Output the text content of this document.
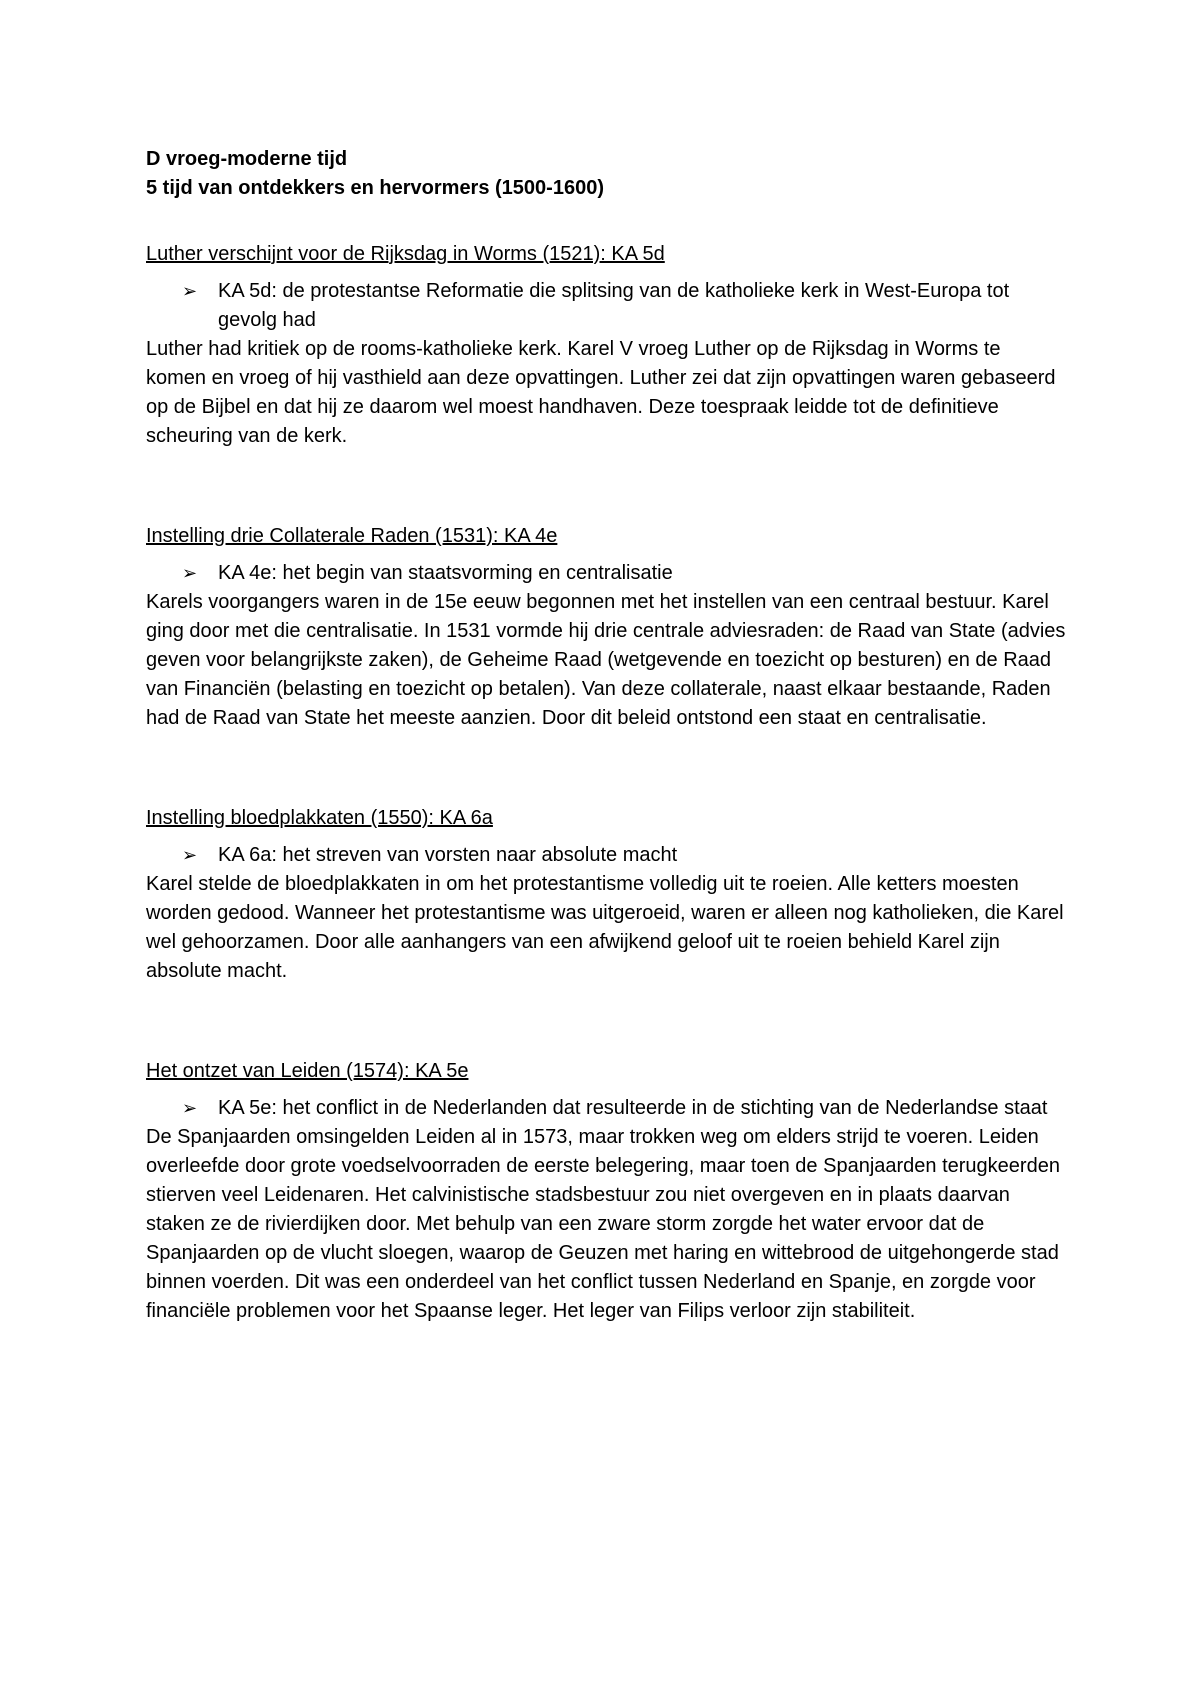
D vroeg-moderne tijd

5 tijd van ontdekkers en hervormers (1500-1600)

Luther verschijnt voor de Rijksdag in Worms (1521): KA 5d

➢ KA 5d: de protestantse Reformatie die splitsing van de katholieke kerk in West-Europa tot gevolg had

Luther had kritiek op de rooms-katholieke kerk. Karel V vroeg Luther op de Rijksdag in Worms te komen en vroeg of hij vasthield aan deze opvattingen. Luther zei dat zijn opvattingen waren gebaseerd op de Bijbel en dat hij ze daarom wel moest handhaven. Deze toespraak leidde tot de definitieve scheuring van de kerk.

Instelling drie Collaterale Raden (1531): KA 4e

➢ KA 4e: het begin van staatsvorming en centralisatie

Karels voorgangers waren in de 15e eeuw begonnen met het instellen van een centraal bestuur. Karel ging door met die centralisatie. In 1531 vormde hij drie centrale adviesraden: de Raad van State (advies geven voor belangrijkste zaken), de Geheime Raad (wetgevende en toezicht op besturen) en de Raad van Financiën (belasting en toezicht op betalen). Van deze collaterale, naast elkaar bestaande, Raden had de Raad van State het meeste aanzien. Door dit beleid ontstond een staat en centralisatie.

Instelling bloedplakkaten (1550): KA 6a

➢ KA 6a: het streven van vorsten naar absolute macht

Karel stelde de bloedplakkaten in om het protestantisme volledig uit te roeien. Alle ketters moesten worden gedood. Wanneer het protestantisme was uitgeroeid, waren er alleen nog katholieken, die Karel wel gehoorzamen. Door alle aanhangers van een afwijkend geloof uit te roeien behield Karel zijn absolute macht.

Het ontzet van Leiden (1574): KA 5e

➢ KA 5e: het conflict in de Nederlanden dat resulteerde in de stichting van de Nederlandse staat

De Spanjaarden omsingelden Leiden al in 1573, maar trokken weg om elders strijd te voeren. Leiden overleefde door grote voedselvoorraden de eerste belegering, maar toen de Spanjaarden terugkeerden stierven veel Leidenaren. Het calvinistische stadsbestuur zou niet overgeven en in plaats daarvan staken ze de rivierdijken door. Met behulp van een zware storm zorgde het water ervoor dat de Spanjaarden op de vlucht sloegen, waarop de Geuzen met haring en wittebrood de uitgehongerde stad binnen voerden. Dit was een onderdeel van het conflict tussen Nederland en Spanje, en zorgde voor financiële problemen voor het Spaanse leger. Het leger van Filips verloor zijn stabiliteit.
